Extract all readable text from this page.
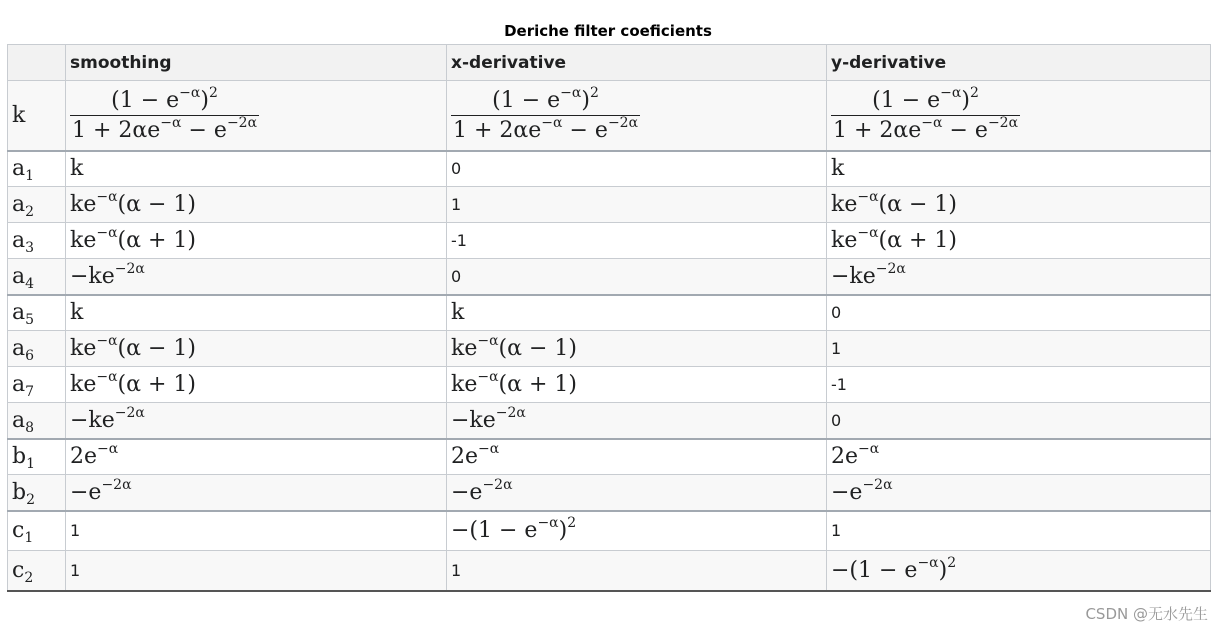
Deriche filter coeficients
	smoothing	x-derivative	y-derivative
k	$\frac{(1 - e^{-\alpha})^2}{1 + 2\alpha e^{-\alpha} - e^{-2\alpha}}$	$\frac{(1 - e^{-\alpha})^2}{1 + 2\alpha e^{-\alpha} - e^{-2\alpha}}$	$\frac{(1 - e^{-\alpha})^2}{1 + 2\alpha e^{-\alpha} - e^{-2\alpha}}$

$a_1$	k	0	k
$a_2$	$ke^{-\alpha}(\alpha - 1)$	1	$ke^{-\alpha}(\alpha - 1)$
$a_3$	$ke^{-\alpha}(\alpha + 1)$	-1	$ke^{-\alpha}(\alpha + 1)$
$a_4$	$-ke^{-2\alpha}$	0	$-ke^{-2\alpha}$
$a_5$	k	k	0
$a_6$	$ke^{-\alpha}(\alpha - 1)$	$ke^{-\alpha}(\alpha - 1)$	1
$a_7$	$ke^{-\alpha}(\alpha + 1)$	$ke^{-\alpha}(\alpha + 1)$	-1
$a_8$	$-ke^{-2\alpha}$	$-ke^{-2\alpha}$	0
$b_1$	$2e^{-\alpha}$	$2e^{-\alpha}$	$2e^{-\alpha}$
$b_2$	$-e^{-2\alpha}$	$-e^{-2\alpha}$	$-e^{-2\alpha}$
$c_1$	1	$-(1 - e^{-\alpha})^2$	1
$c_2$	1	1	$-(1 - e^{-\alpha})^2$
CSDN @无水先生
